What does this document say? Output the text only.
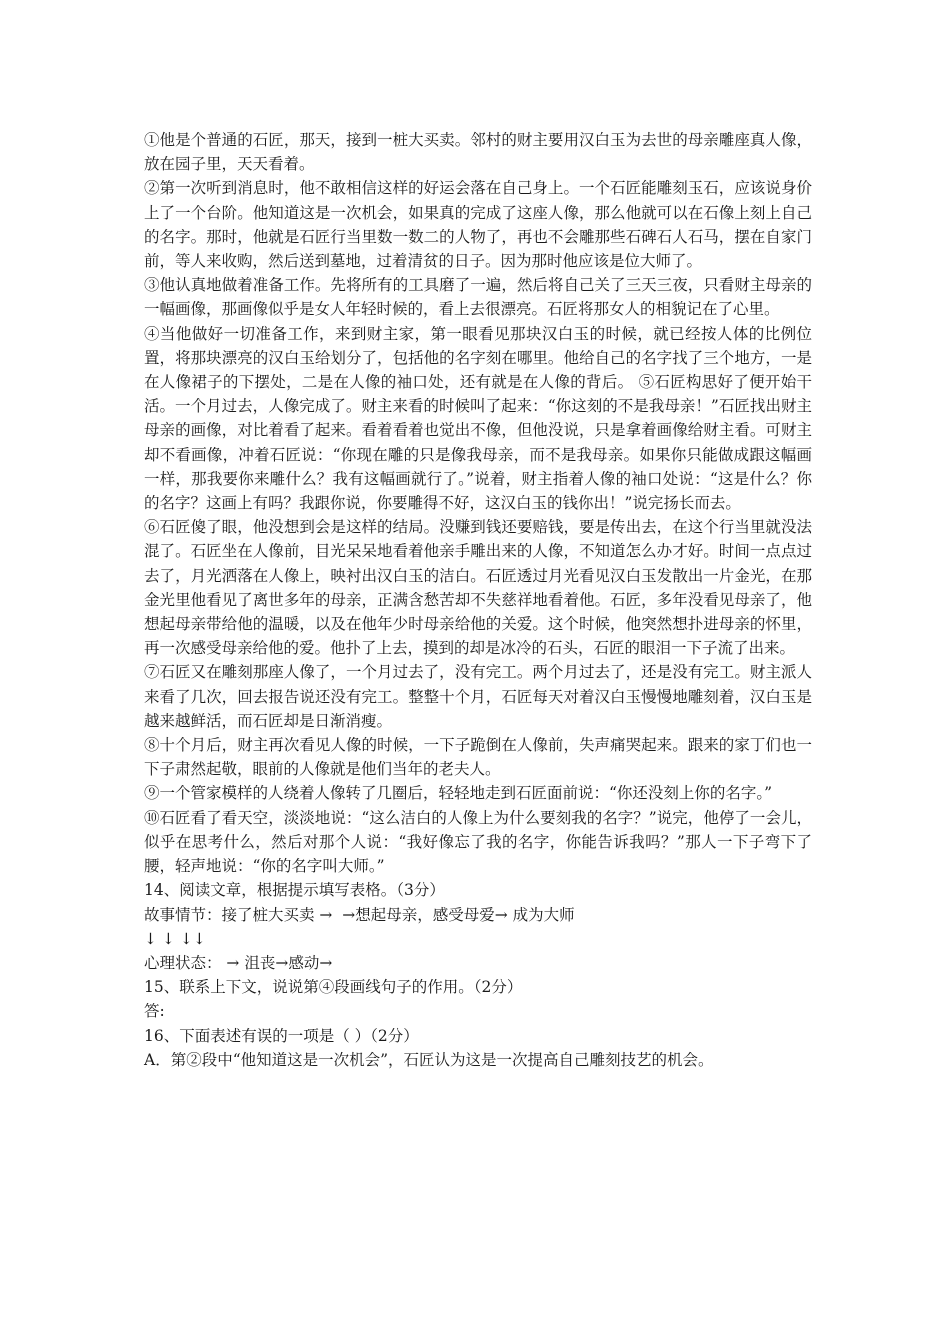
①他是个普通的石匠，那天，接到一桩大买卖。邻村的财主要用汉白玉为去世的母亲雕座真人像，放在园子里，天天看着。

②第一次听到消息时，他不敢相信这样的好运会落在自己身上。一个石匠能雕刻玉石，应该说身价上了一个台阶。他知道这是一次机会，如果真的完成了这座人像，那么他就可以在石像上刻上自己的名字。那时，他就是石匠行当里数一数二的人物了，再也不会雕那些石碑石人石马，摆在自家门前，等人来收购，然后送到墓地，过着清贫的日子。因为那时他应该是位大师了。

③他认真地做着准备工作。先将所有的工具磨了一遍，然后将自己关了三天三夜，只看财主母亲的一幅画像，那画像似乎是女人年轻时候的，看上去很漂亮。石匠将那女人的相貌记在了心里。

④当他做好一切准备工作，来到财主家，第一眼看见那块汉白玉的时候，就已经按人体的比例位置，将那块漂亮的汉白玉给划分了，包括他的名字刻在哪里。他给自己的名字找了三个地方，一是在人像裙子的下摆处，二是在人像的袖口处，还有就是在人像的背后。 ⑤石匠构思好了便开始干活。一个月过去，人像完成了。财主来看的时候叫了起来：“你这刻的不是我母亲！”石匠找出财主母亲的画像，对比着看了起来。看着看着也觉出不像，但他没说，只是拿着画像给财主看。可财主却不看画像，冲着石匠说：“你现在雕的只是像我母亲，而不是我母亲。如果你只能做成跟这幅画一样，那我要你来雕什么？我有这幅画就行了。”说着，财主指着人像的袖口处说：“这是什么？你的名字？这画上有吗？我跟你说，你要雕得不好，这汉白玉的钱你出！”说完扬长而去。

⑥石匠傻了眼，他没想到会是这样的结局。没赚到钱还要赔钱，要是传出去，在这个行当里就没法混了。石匠坐在人像前，目光呆呆地看着他亲手雕出来的人像，不知道怎么办才好。时间一点点过去了，月光洒落在人像上，映衬出汉白玉的洁白。石匠透过月光看见汉白玉发散出一片金光，在那金光里他看见了离世多年的母亲，正满含愁苦却不失慈祥地看着他。石匠，多年没看见母亲了，他想起母亲带给他的温暖，以及在他年少时母亲给他的关爱。这个时候，他突然想扑进母亲的怀里，再一次感受母亲给他的爱。他扑了上去，摸到的却是冰冷的石头，石匠的眼泪一下子流了出来。

⑦石匠又在雕刻那座人像了，一个月过去了，没有完工。两个月过去了，还是没有完工。财主派人来看了几次，回去报告说还没有完工。整整十个月，石匠每天对着汉白玉慢慢地雕刻着，汉白玉是越来越鲜活，而石匠却是日渐消瘦。

⑧十个月后，财主再次看见人像的时候，一下子跪倒在人像前，失声痛哭起来。跟来的家丁们也一下子肃然起敬，眼前的人像就是他们当年的老夫人。

⑨一个管家模样的人绕着人像转了几圈后，轻轻地走到石匠面前说：“你还没刻上你的名字。”

⑩石匠看了看天空，淡淡地说：“这么洁白的人像上为什么要刻我的名字？”说完，他停了一会儿，似乎在思考什么，然后对那个人说：“我好像忘了我的名字，你能告诉我吗？”那人一下子弯下了腰，轻声地说：“你的名字叫大师。”

14、阅读文章，根据提示填写表格。（3分）

故事情节：接了桩大买卖 →  →想起母亲，感受母爱→ 成为大师

↓ ↓ ↓↓

心理状态： → 沮丧→感动→

15、联系上下文，说说第④段画线句子的作用。（2分）

答:

16、下面表述有误的一项是（ ）（2分）

A．第②段中“他知道这是一次机会”，石匠认为这是一次提高自己雕刻技艺的机会。
